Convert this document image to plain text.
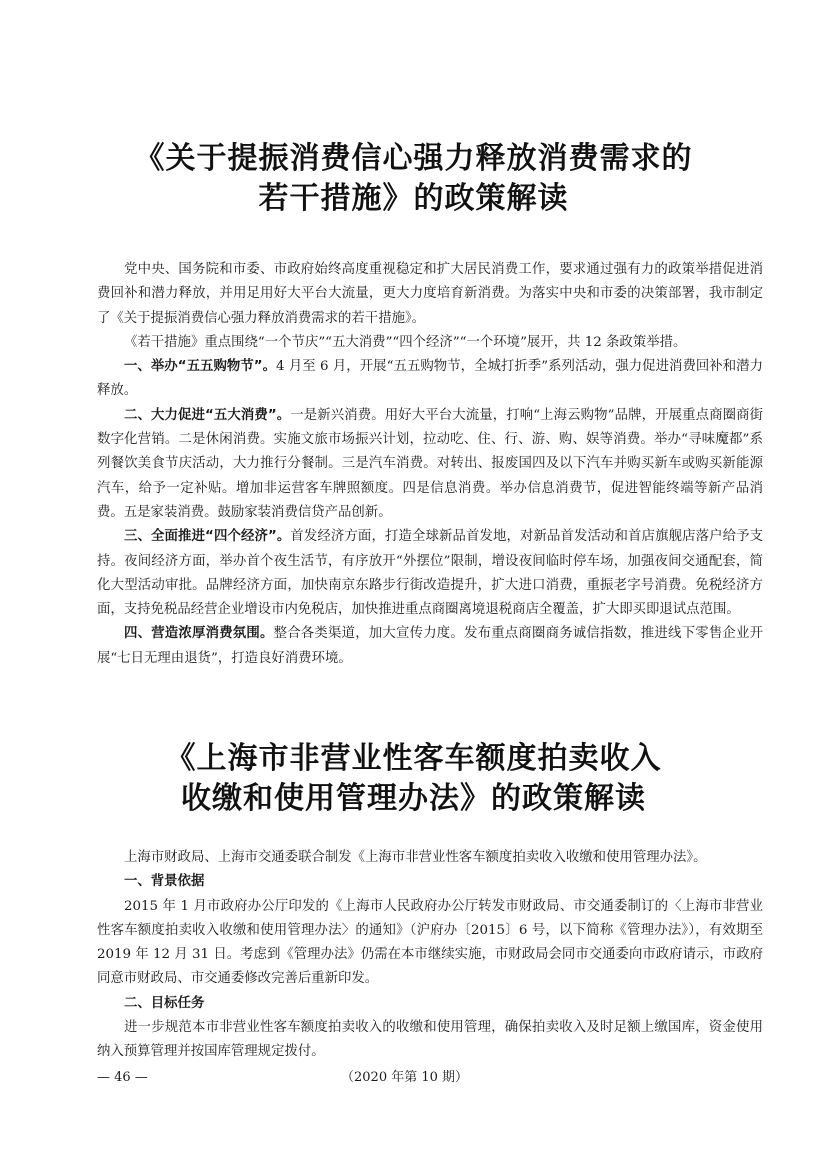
《关于提振消费信心强力释放消费需求的
若干措施》的政策解读

党中央、国务院和市委、市政府始终高度重视稳定和扩大居民消费工作，要求通过强有力的政策举措促进消费回补和潜力释放，并用足用好大平台大流量，更大力度培育新消费。为落实中央和市委的决策部署，我市制定了《关于提振消费信心强力释放消费需求的若干措施》。

《若干措施》重点围绕“一个节庆”“五大消费”“四个经济”“一个环境”展开，共 12 条政策举措。

一、举办“五五购物节”。4 月至 6 月，开展“五五购物节，全城打折季”系列活动，强力促进消费回补和潜力释放。

二、大力促进“五大消费”。一是新兴消费。用好大平台大流量，打响“上海云购物”品牌，开展重点商圈商街数字化营销。二是休闲消费。实施文旅市场振兴计划，拉动吃、住、行、游、购、娱等消费。举办“寻味魔都”系列餐饮美食节庆活动，大力推行分餐制。三是汽车消费。对转出、报废国四及以下汽车并购买新车或购买新能源汽车，给予一定补贴。增加非运营客车牌照额度。四是信息消费。举办信息消费节，促进智能终端等新产品消费。五是家装消费。鼓励家装消费信贷产品创新。

三、全面推进“四个经济”。首发经济方面，打造全球新品首发地，对新品首发活动和首店旗舰店落户给予支持。夜间经济方面，举办首个夜生活节，有序放开“外摆位”限制，增设夜间临时停车场，加强夜间交通配套，简化大型活动审批。品牌经济方面，加快南京东路步行街改造提升，扩大进口消费，重振老字号消费。免税经济方面，支持免税品经营企业增设市内免税店，加快推进重点商圈离境退税商店全覆盖，扩大即买即退试点范围。

四、营造浓厚消费氛围。整合各类渠道，加大宣传力度。发布重点商圈商务诚信指数，推进线下零售企业开展“七日无理由退货”，打造良好消费环境。

《上海市非营业性客车额度拍卖收入
收缴和使用管理办法》的政策解读

上海市财政局、上海市交通委联合制发《上海市非营业性客车额度拍卖收入收缴和使用管理办法》。

一、背景依据

2015 年 1 月市政府办公厅印发的《上海市人民政府办公厅转发市财政局、市交通委制订的〈上海市非营业性客车额度拍卖收入收缴和使用管理办法〉的通知》（沪府办〔2015〕6 号，以下简称《管理办法》），有效期至 2019 年 12 月 31 日。考虑到《管理办法》仍需在本市继续实施，市财政局会同市交通委向市政府请示，市政府同意市财政局、市交通委修改完善后重新印发。

二、目标任务

进一步规范本市非营业性客车额度拍卖收入的收缴和使用管理，确保拍卖收入及时足额上缴国库，资金使用纳入预算管理并按国库管理规定拨付。

— 46 —	（2020 年第 10 期）
